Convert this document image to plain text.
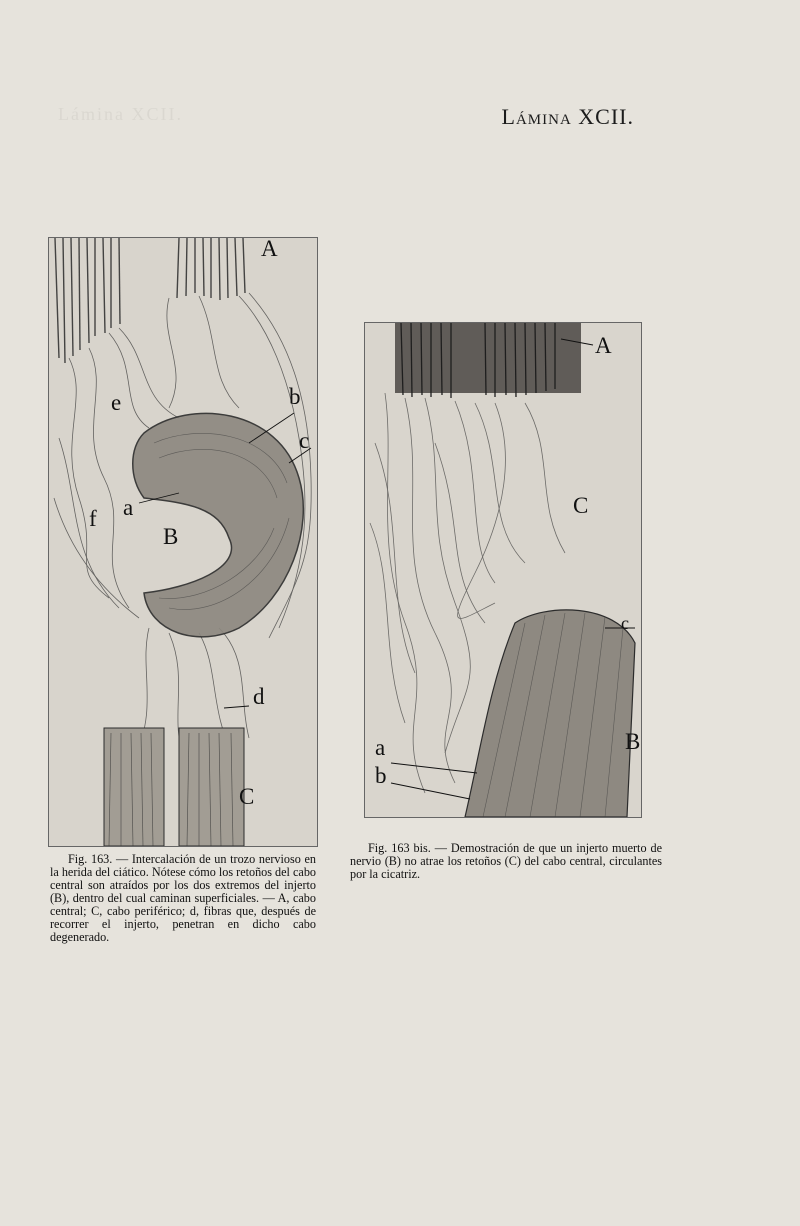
Lámina XCII.	Lámina XCII.
A
b
c
e
a
f
B
d
C
A
C
c
a
b
B

Fig. 163. — Intercalación de un trozo nervioso en la herida del ciático. Nótese cómo los retoños del cabo central son atraídos por los dos extremos del injerto (B), dentro del cual caminan superficiales. — A, cabo central; C, cabo periférico; d, fibras que, después de recorrer el injerto, penetran en dicho cabo degenerado.

Fig. 163 bis. — Demostración de que un injerto muerto de nervio (B) no atrae los retoños (C) del cabo central, circulantes por la cicatriz.
